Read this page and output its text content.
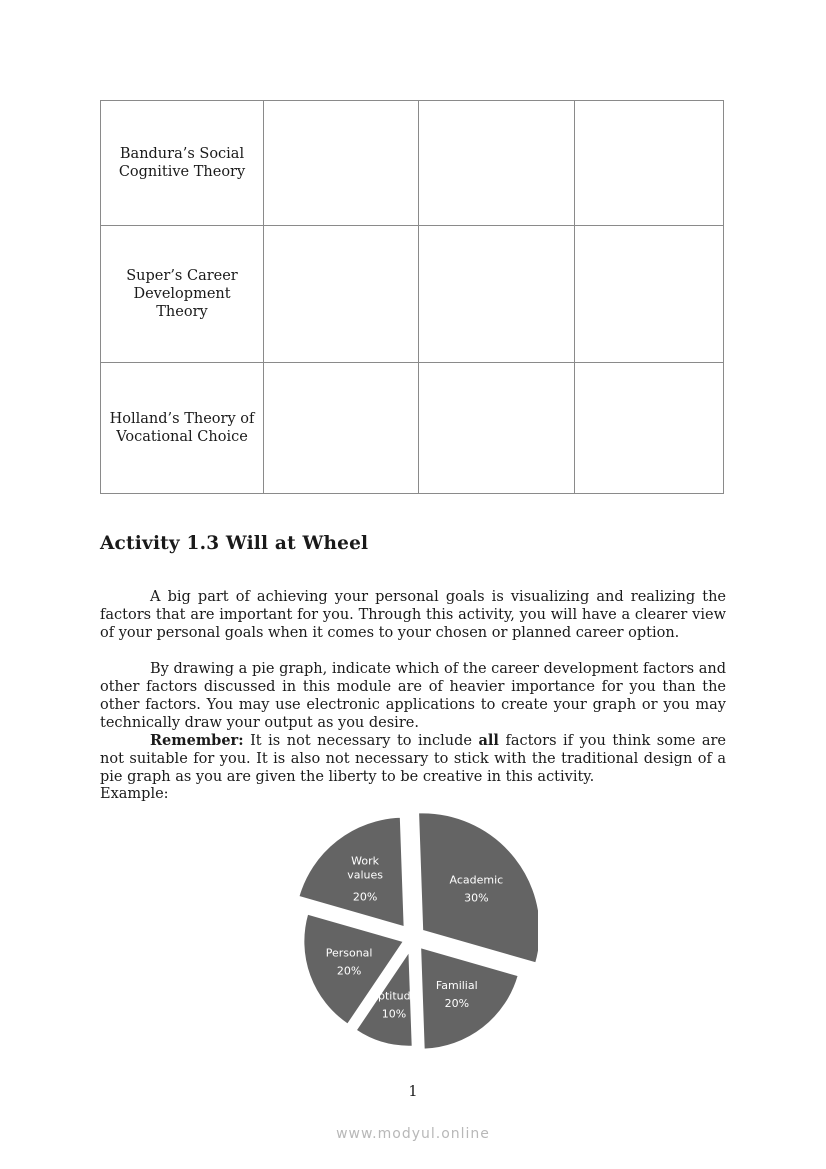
Bandura’s Social Cognitive Theory			
Super’s Career Development Theory			
Holland’s Theory of Vocational Choice			
Activity 1.3 Will at Wheel

A big part of achieving your personal goals is visualizing and realizing the factors that are important for you. Through this activity, you will have a clearer view of your personal goals when it comes to your chosen or planned career option.

By drawing a pie graph, indicate which of the career development factors and other factors discussed in this module are of heavier importance for you than the other factors. You may use electronic applications to create your graph or you may technically draw your output as you desire.

Remember: It is not necessary to include all factors if you think some are not suitable for you. It is also not necessary to stick with the traditional design of a pie graph as you are given the liberty to be creative in this activity.

Example:
Academic
30%
Familial
20%
Aptitude
10%
Personal
20%
Work
values
20%
1
www.modyul.online
